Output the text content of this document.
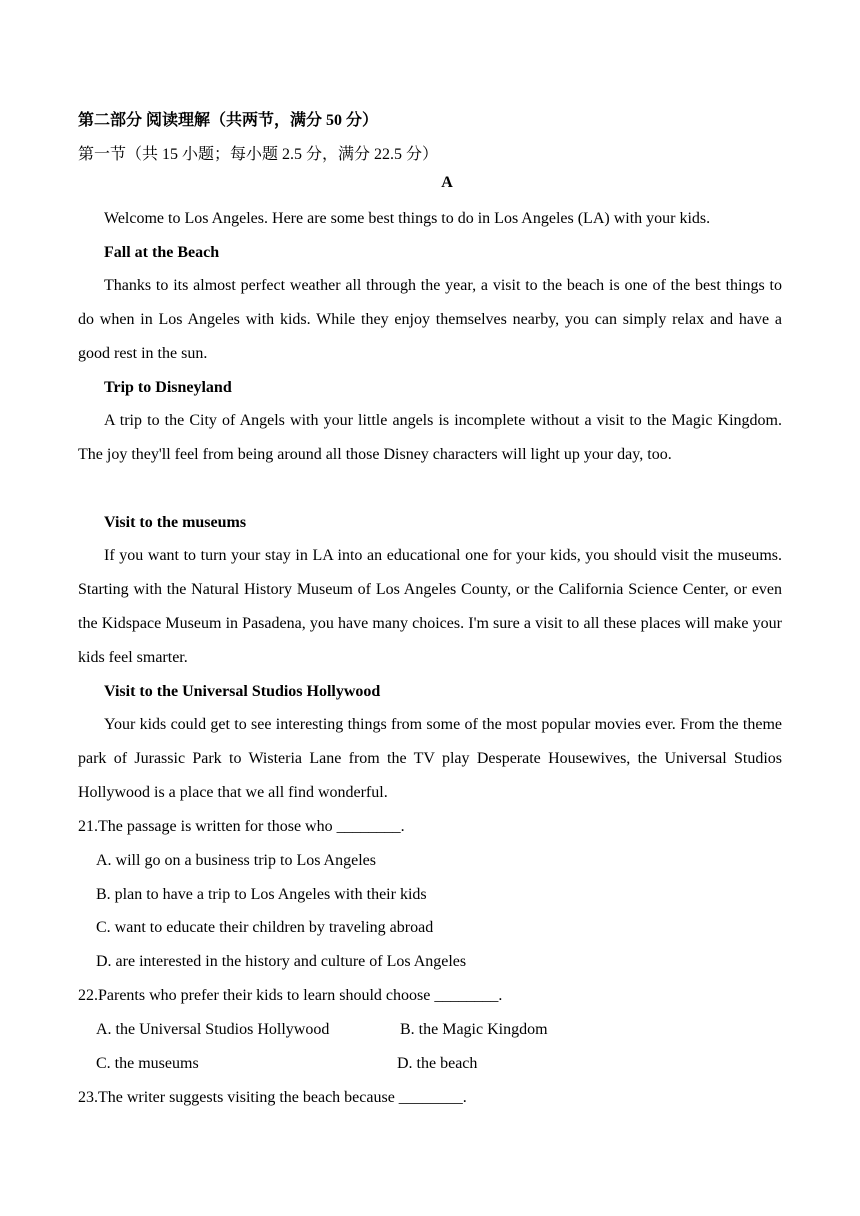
第二部分 阅读理解（共两节，满分 50 分）
第一节（共 15 小题；每小题 2.5 分，满分 22.5 分）
A

Welcome to Los Angeles. Here are some best things to do in Los Angeles (LA) with your kids.

Fall at the Beach

Thanks to its almost perfect weather all through the year, a visit to the beach is one of the best things to do when in Los Angeles with kids. While they enjoy themselves nearby, you can simply relax and have a good rest in the sun.

Trip to Disneyland

A trip to the City of Angels with your little angels is incomplete without a visit to the Magic Kingdom. The joy they'll feel from being around all those Disney characters will light up your day, too.

Visit to the museums

If you want to turn your stay in LA into an educational one for your kids, you should visit the museums. Starting with the Natural History Museum of Los Angeles County, or the California Science Center, or even the Kidspace Museum in Pasadena, you have many choices. I'm sure a visit to all these places will make your kids feel smarter.

Visit to the Universal Studios Hollywood

Your kids could get to see interesting things from some of the most popular movies ever. From the theme park of Jurassic Park to Wisteria Lane from the TV play Desperate Housewives, the Universal Studios Hollywood is a place that we all find wonderful.

21.The passage is written for those who ________.
A. will go on a business trip to Los Angeles
B. plan to have a trip to Los Angeles with their kids
C. want to educate their children by traveling abroad
D. are interested in the history and culture of Los Angeles
22.Parents who prefer their kids to learn should choose ________.
A. the Universal Studios Hollywood	B. the Magic Kingdom
C. the museums	D. the beach
23.The writer suggests visiting the beach because ________.
